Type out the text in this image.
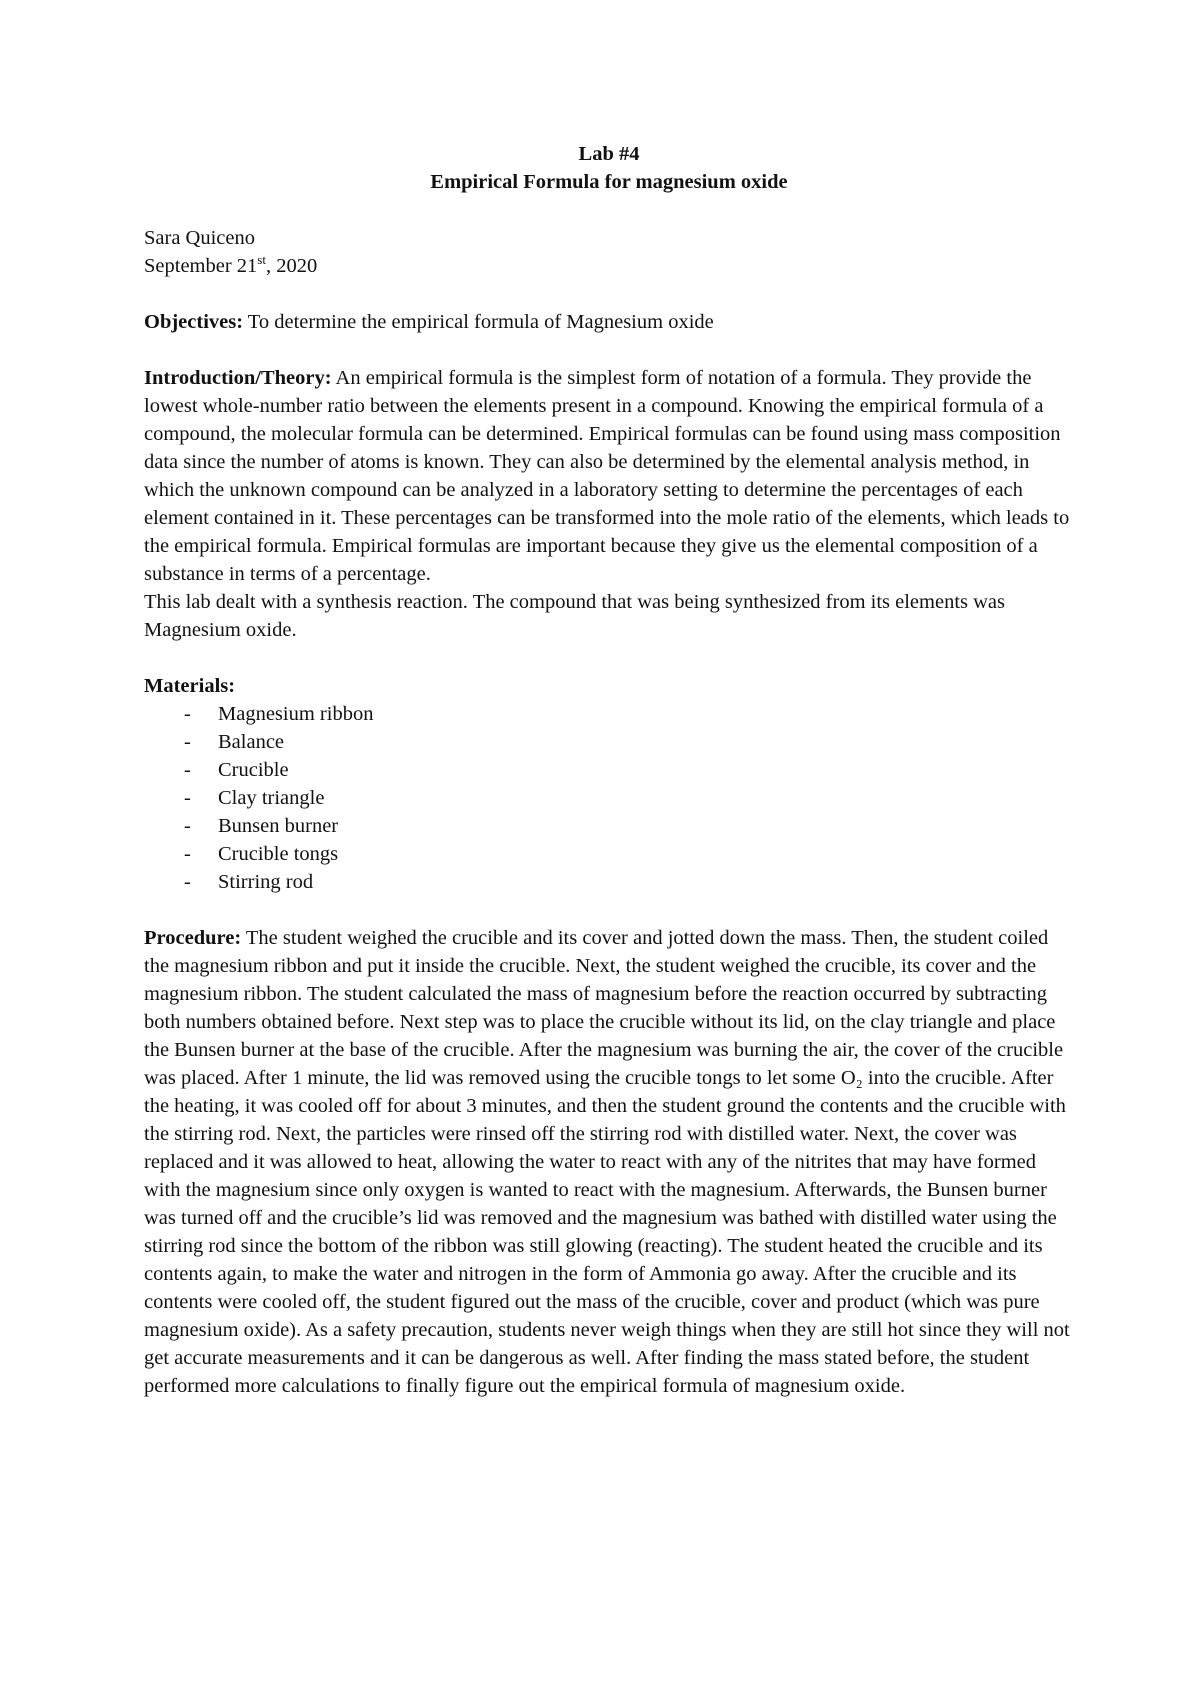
Lab #4
Empirical Formula for magnesium oxide
Sara Quiceno
September 21st, 2020

Objectives: To determine the empirical formula of Magnesium oxide

Introduction/Theory: An empirical formula is the simplest form of notation of a formula. They provide the lowest whole-number ratio between the elements present in a compound. Knowing the empirical formula of a compound, the molecular formula can be determined. Empirical formulas can be found using mass composition data since the number of atoms is known. They can also be determined by the elemental analysis method, in which the unknown compound can be analyzed in a laboratory setting to determine the percentages of each element contained in it. These percentages can be transformed into the mole ratio of the elements, which leads to the empirical formula. Empirical formulas are important because they give us the elemental composition of a substance in terms of a percentage.

This lab dealt with a synthesis reaction. The compound that was being synthesized from its elements was Magnesium oxide.

Materials:
- Magnesium ribbon
- Balance
- Crucible
- Clay triangle
- Bunsen burner
- Crucible tongs
- Stirring rod

Procedure: The student weighed the crucible and its cover and jotted down the mass. Then, the student coiled the magnesium ribbon and put it inside the crucible. Next, the student weighed the crucible, its cover and the magnesium ribbon. The student calculated the mass of magnesium before the reaction occurred by subtracting both numbers obtained before. Next step was to place the crucible without its lid, on the clay triangle and place the Bunsen burner at the base of the crucible. After the magnesium was burning the air, the cover of the crucible was placed. After 1 minute, the lid was removed using the crucible tongs to let some O₂ into the crucible. After the heating, it was cooled off for about 3 minutes, and then the student ground the contents and the crucible with the stirring rod. Next, the particles were rinsed off the stirring rod with distilled water. Next, the cover was replaced and it was allowed to heat, allowing the water to react with any of the nitrites that may have formed with the magnesium since only oxygen is wanted to react with the magnesium. Afterwards, the Bunsen burner was turned off and the crucible’s lid was removed and the magnesium was bathed with distilled water using the stirring rod since the bottom of the ribbon was still glowing (reacting). The student heated the crucible and its contents again, to make the water and nitrogen in the form of Ammonia go away. After the crucible and its contents were cooled off, the student figured out the mass of the crucible, cover and product (which was pure magnesium oxide). As a safety precaution, students never weigh things when they are still hot since they will not get accurate measurements and it can be dangerous as well. After finding the mass stated before, the student performed more calculations to finally figure out the empirical formula of magnesium oxide.
